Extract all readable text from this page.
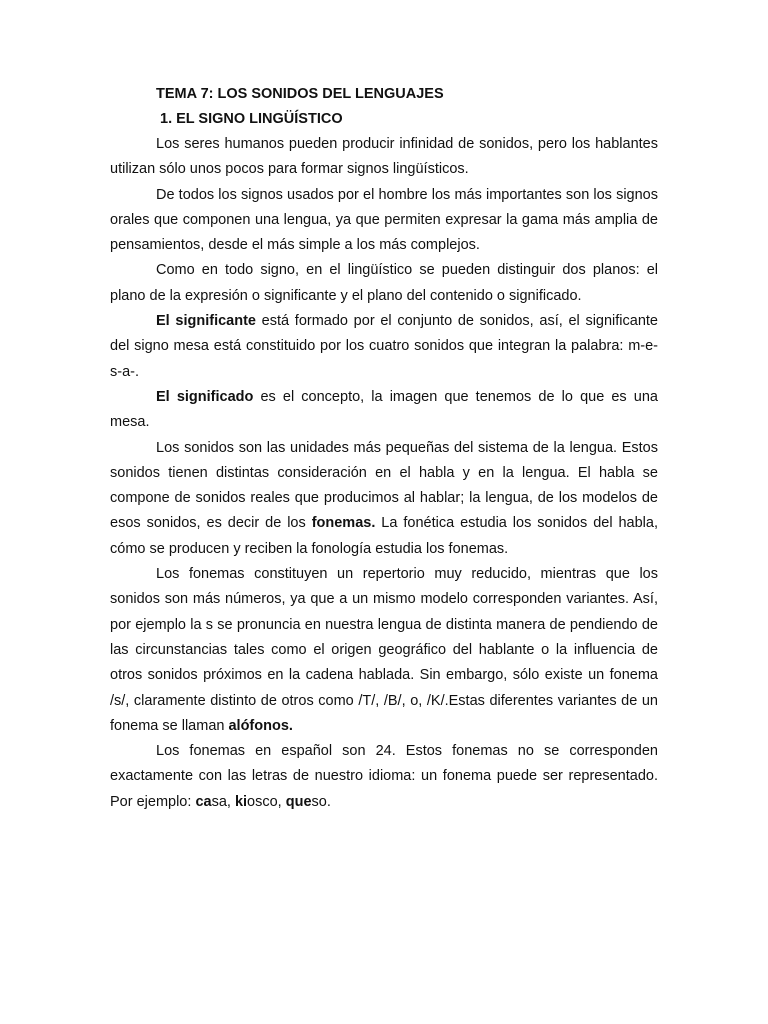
TEMA 7: LOS SONIDOS DEL LENGUAJES

1. EL SIGNO LINGÜÍSTICO

Los seres humanos pueden producir infinidad de sonidos, pero los hablantes utilizan sólo unos pocos para formar signos lingüísticos.

De todos los signos usados por el hombre los más importantes son los signos orales que componen una lengua, ya que permiten expresar la gama más amplia de pensamientos, desde el más simple a los más complejos.

Como en todo signo, en el lingüístico se pueden distinguir dos planos: el plano de la expresión o significante y el plano del contenido o significado.

El significante está formado por el conjunto de sonidos, así, el significante del signo mesa está constituido por los cuatro sonidos que integran la palabra: m-e-s-a-.

El significado es el concepto, la imagen que tenemos de lo que es una mesa.

Los sonidos son las unidades más pequeñas del sistema de la lengua. Estos sonidos tienen distintas consideración en el habla y en la lengua. El habla se compone de sonidos reales que producimos al hablar; la lengua, de los modelos de esos sonidos, es decir de los fonemas. La fonética estudia los sonidos del habla, cómo se producen y reciben la fonología estudia los fonemas.

Los fonemas constituyen un repertorio muy reducido, mientras que los sonidos son más números, ya que a un mismo modelo corresponden variantes. Así, por ejemplo la s se pronuncia en nuestra lengua de distinta manera de pendiendo de las circunstancias tales como el origen geográfico del hablante o la influencia de otros sonidos próximos en la cadena hablada. Sin embargo, sólo existe un fonema /s/, claramente distinto de otros como /T/, /B/, o, /K/.Estas diferentes variantes de un fonema se llaman alófonos.

Los fonemas en español son 24. Estos fonemas no se corresponden exactamente con las letras de nuestro idioma: un fonema puede ser representado. Por ejemplo: casa, kiosco, queso.
